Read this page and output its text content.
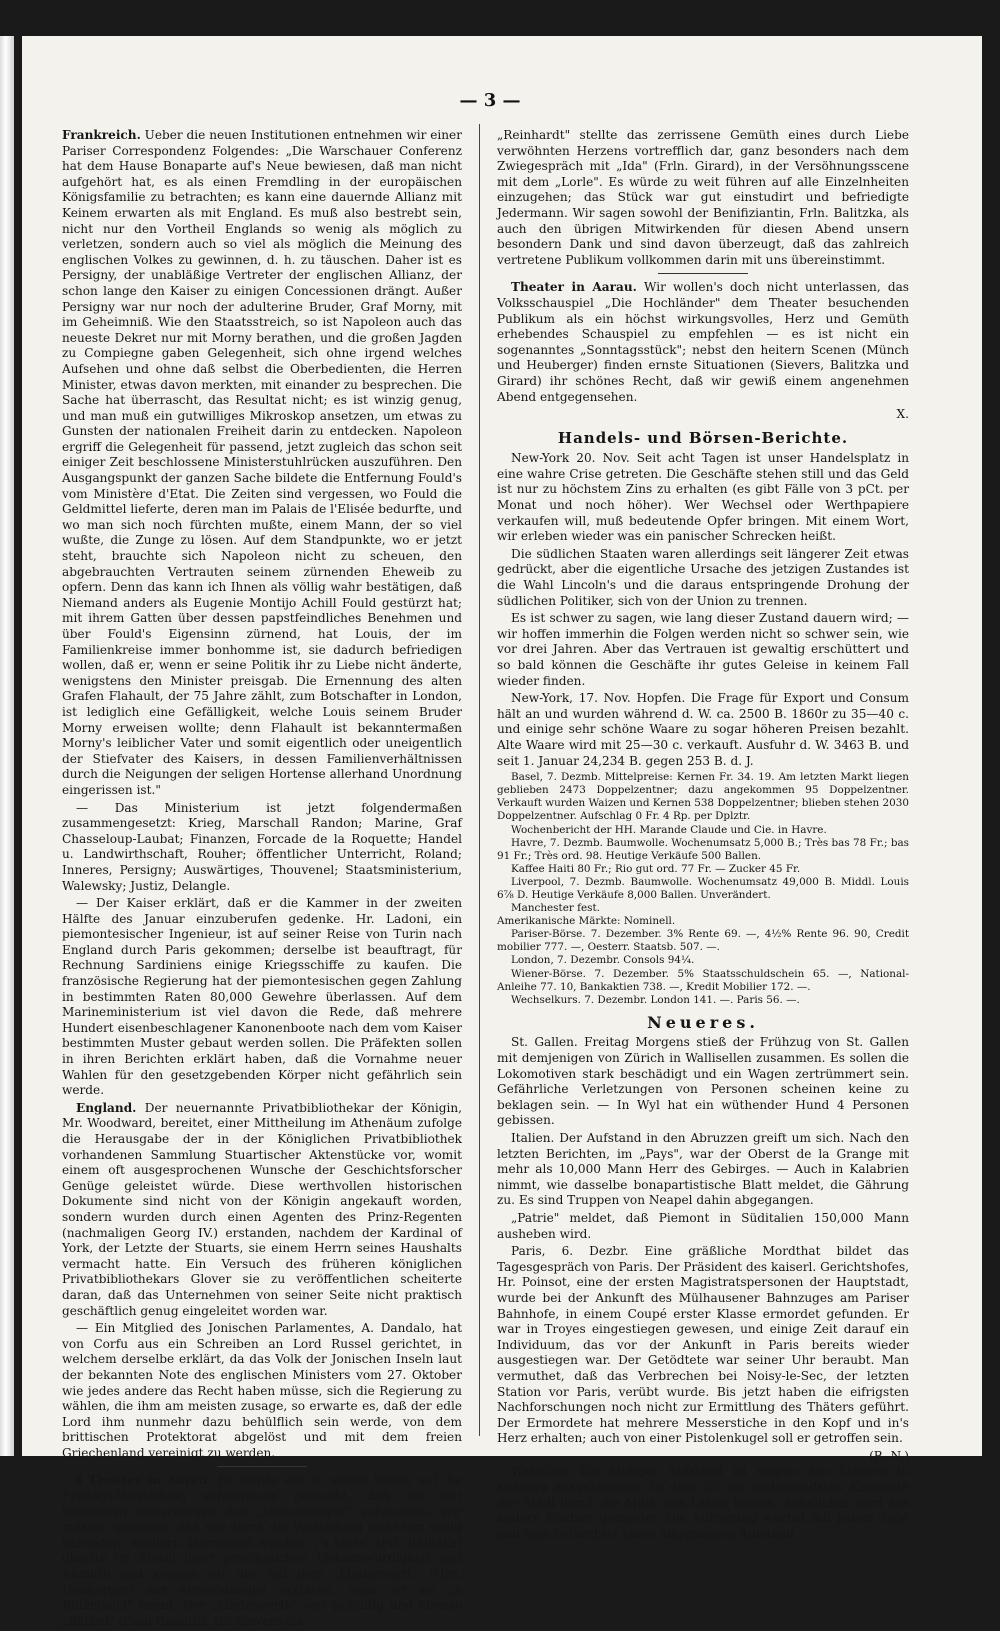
— 3 —

Frankreich. Ueber die neuen Institutionen entnehmen wir einer Pariser Correspondenz Folgendes: „Die Warschauer Conferenz hat dem Hause Bonaparte auf's Neue bewiesen, daß man nicht aufgehört hat, es als einen Fremdling in der europäischen Königsfamilie zu betrachten; es kann eine dauernde Allianz mit Keinem erwarten als mit England. Es muß also bestrebt sein, nicht nur den Vortheil Englands so wenig als möglich zu verletzen, sondern auch so viel als möglich die Meinung des englischen Volkes zu gewinnen, d. h. zu täuschen. Daher ist es Persigny, der unabläßige Vertreter der englischen Allianz, der schon lange den Kaiser zu einigen Concessionen drängt. Außer Persigny war nur noch der adulterine Bruder, Graf Morny, mit im Geheimniß. Wie den Staatsstreich, so ist Napoleon auch das neueste Dekret nur mit Morny berathen, und die großen Jagden zu Compiegne gaben Gelegenheit, sich ohne irgend welches Aufsehen und ohne daß selbst die Oberbedienten, die Herren Minister, etwas davon merkten, mit einander zu besprechen. Die Sache hat überrascht, das Resultat nicht; es ist winzig genug, und man muß ein gutwilliges Mikroskop ansetzen, um etwas zu Gunsten der nationalen Freiheit darin zu entdecken. Napoleon ergriff die Gelegenheit für passend, jetzt zugleich das schon seit einiger Zeit beschlossene Ministerstuhlrücken auszuführen. Den Ausgangspunkt der ganzen Sache bildete die Entfernung Fould's vom Ministère d'Etat. Die Zeiten sind vergessen, wo Fould die Geldmittel lieferte, deren man im Palais de l'Elisée bedurfte, und wo man sich noch fürchten mußte, einem Mann, der so viel wußte, die Zunge zu lösen. Auf dem Standpunkte, wo er jetzt steht, brauchte sich Napoleon nicht zu scheuen, den abgebrauchten Vertrauten seinem zürnenden Eheweib zu opfern. Denn das kann ich Ihnen als völlig wahr bestätigen, daß Niemand anders als Eugenie Montijo Achill Fould gestürzt hat; mit ihrem Gatten über dessen papstfeindliches Benehmen und über Fould's Eigensinn zürnend, hat Louis, der im Familienkreise immer bonhomme ist, sie dadurch befriedigen wollen, daß er, wenn er seine Politik ihr zu Liebe nicht änderte, wenigstens den Minister preisgab. Die Ernennung des alten Grafen Flahault, der 75 Jahre zählt, zum Botschafter in London, ist lediglich eine Gefälligkeit, welche Louis seinem Bruder Morny erweisen wollte; denn Flahault ist bekanntermaßen Morny's leiblicher Vater und somit eigentlich oder uneigentlich der Stiefvater des Kaisers, in dessen Familienverhältnissen durch die Neigungen der seligen Hortense allerhand Unordnung eingerissen ist."

— Das Ministerium ist jetzt folgendermaßen zusammengesetzt: Krieg, Marschall Randon; Marine, Graf Chasseloup-Laubat; Finanzen, Forcade de la Roquette; Handel u. Landwirthschaft, Rouher; öffentlicher Unterricht, Roland; Inneres, Persigny; Auswärtiges, Thouvenel; Staatsministerium, Walewsky; Justiz, Delangle.

— Der Kaiser erklärt, daß er die Kammer in der zweiten Hälfte des Januar einzuberufen gedenke. Hr. Ladoni, ein piemontesischer Ingenieur, ist auf seiner Reise von Turin nach England durch Paris gekommen; derselbe ist beauftragt, für Rechnung Sardiniens einige Kriegsschiffe zu kaufen. Die französische Regierung hat der piemontesischen gegen Zahlung in bestimmten Raten 80,000 Gewehre überlassen. Auf dem Marineministerium ist viel davon die Rede, daß mehrere Hundert eisenbeschlagener Kanonenboote nach dem vom Kaiser bestimmten Muster gebaut werden sollen. Die Präfekten sollen in ihren Berichten erklärt haben, daß die Vornahme neuer Wahlen für den gesetzgebenden Körper nicht gefährlich sein werde.

England. Der neuernannte Privatbibliothekar der Königin, Mr. Woodward, bereitet, einer Mittheilung im Athenäum zufolge die Herausgabe der in der Königlichen Privatbibliothek vorhandenen Sammlung Stuartischer Aktenstücke vor, womit einem oft ausgesprochenen Wunsche der Geschichtsforscher Genüge geleistet würde. Diese werthvollen historischen Dokumente sind nicht von der Königin angekauft worden, sondern wurden durch einen Agenten des Prinz-Regenten (nachmaligen Georg IV.) erstanden, nachdem der Kardinal of York, der Letzte der Stuarts, sie einem Herrn seines Haushalts vermacht hatte. Ein Versuch des früheren königlichen Privatbibliothekars Glover sie zu veröffentlichen scheiterte daran, daß das Unternehmen von seiner Seite nicht praktisch geschäftlich genug eingeleitet worden war.

— Ein Mitglied des Jonischen Parlamentes, A. Dandalo, hat von Corfu aus ein Schreiben an Lord Russel gerichtet, in welchem derselbe erklärt, da das Volk der Jonischen Inseln laut der bekannten Note des englischen Ministers vom 27. Oktober wie jedes andere das Recht haben müsse, sich die Regierung zu wählen, die ihm am meisten zusage, so erwarte es, daß der edle Lord ihm nunmehr dazu behülflich sein werde, von dem brittischen Protektorat abgelöst und mit dem freien Griechenland vereinigt zu werden.

§ Theater in Aarau. Es wurde von so vielen Seiten auf die Freitags-Vorstellung aufmerksam gemacht, daß wir mit besondern Erwartungen den „Musentempel" aufsuchten. Wir müssen gestehen, daß wir durch die Vorstellung nicht nur völlig befriedigt, sondern überrascht wurden. „'s Lorle" (Frl. Balitzka) glänzte im Strahl ihrer gewöhnlichen Liebenswürdigkeit und Anmuth und können wir uns mit dem „Lindenwirth" (Hrn. Heuberger) nur einverstanden erklären, wenn er sie „a Blitzmädel" nennt. Der „Lindenwirth" war prächtig und ebenso „Bärbel" (Frau Gnauth). Hr. Sievers als

„Reinhardt" stellte das zerrissene Gemüth eines durch Liebe verwöhnten Herzens vortrefflich dar, ganz besonders nach dem Zwiegespräch mit „Ida" (Frln. Girard), in der Versöhnungsscene mit dem „Lorle". Es würde zu weit führen auf alle Einzelnheiten einzugehen; das Stück war gut einstudirt und befriedigte Jedermann. Wir sagen sowohl der Benifiziantin, Frln. Balitzka, als auch den übrigen Mitwirkenden für diesen Abend unsern besondern Dank und sind davon überzeugt, daß das zahlreich vertretene Publikum vollkommen darin mit uns übereinstimmt.

Theater in Aarau. Wir wollen's doch nicht unterlassen, das Volksschauspiel „Die Hochländer" dem Theater besuchenden Publikum als ein höchst wirkungsvolles, Herz und Gemüth erhebendes Schauspiel zu empfehlen — es ist nicht ein sogenanntes „Sonntagsstück"; nebst den heitern Scenen (Münch und Heuberger) finden ernste Situationen (Sievers, Balitzka und Girard) ihr schönes Recht, daß wir gewiß einem angenehmen Abend entgegensehen.

X.
Handels- und Börsen-Berichte.

New-York 20. Nov. Seit acht Tagen ist unser Handelsplatz in eine wahre Crise getreten. Die Geschäfte stehen still und das Geld ist nur zu höchstem Zins zu erhalten (es gibt Fälle von 3 pCt. per Monat und noch höher). Wer Wechsel oder Werthpapiere verkaufen will, muß bedeutende Opfer bringen. Mit einem Wort, wir erleben wieder was ein panischer Schrecken heißt.

Die südlichen Staaten waren allerdings seit längerer Zeit etwas gedrückt, aber die eigentliche Ursache des jetzigen Zustandes ist die Wahl Lincoln's und die daraus entspringende Drohung der südlichen Politiker, sich von der Union zu trennen.

Es ist schwer zu sagen, wie lang dieser Zustand dauern wird; — wir hoffen immerhin die Folgen werden nicht so schwer sein, wie vor drei Jahren. Aber das Vertrauen ist gewaltig erschüttert und so bald können die Geschäfte ihr gutes Geleise in keinem Fall wieder finden.

New-York, 17. Nov. Hopfen. Die Frage für Export und Consum hält an und wurden während d. W. ca. 2500 B. 1860r zu 35—40 c. und einige sehr schöne Waare zu sogar höheren Preisen bezahlt. Alte Waare wird mit 25—30 c. verkauft. Ausfuhr d. W. 3463 B. und seit 1. Januar 24,234 B. gegen 253 B. d. J.

Basel, 7. Dezmb. Mittelpreise: Kernen Fr. 34. 19. Am letzten Markt liegen geblieben 2473 Doppelzentner; dazu angekommen 95 Doppelzentner. Verkauft wurden Waizen und Kernen 538 Doppelzentner; blieben stehen 2030 Doppelzentner. Aufschlag 0 Fr. 4 Rp. per Dplztr.

Wochenbericht der HH. Marande Claude und Cie. in Havre.

Havre, 7. Dezmb. Baumwolle. Wochenumsatz 5,000 B.; Très bas 78 Fr.; bas 91 Fr.; Très ord. 98. Heutige Verkäufe 500 Ballen.

Kaffee Haiti 80 Fr.; Rio gut ord. 77 Fr. — Zucker 45 Fr.

Liverpool, 7. Dezmb. Baumwolle. Wochenumsatz 49,000 B. Middl. Louis 6⅞ D. Heutige Verkäufe 8,000 Ballen. Unverändert.

Manchester fest.

Amerikanische Märkte: Nominell.

Pariser-Börse. 7. Dezember. 3% Rente 69. —, 4½% Rente 96. 90, Credit mobilier 777. —, Oesterr. Staatsb. 507. —.

London, 7. Dezembr. Consols 94¼.

Wiener-Börse. 7. Dezember. 5% Staatsschuldschein 65. —, National-Anleihe 77. 10, Bankaktien 738. —, Kredit Mobilier 172. —.

Wechselkurs. 7. Dezembr. London 141. —. Paris 56. —.

Neueres.

St. Gallen. Freitag Morgens stieß der Frühzug von St. Gallen mit demjenigen von Zürich in Wallisellen zusammen. Es sollen die Lokomotiven stark beschädigt und ein Wagen zertrümmert sein. Gefährliche Verletzungen von Personen scheinen keine zu beklagen sein. — In Wyl hat ein wüthender Hund 4 Personen gebissen.

Italien. Der Aufstand in den Abruzzen greift um sich. Nach den letzten Berichten, im „Pays", war der Oberst de la Grange mit mehr als 10,000 Mann Herr des Gebirges. — Auch in Kalabrien nimmt, wie dasselbe bonapartistische Blatt meldet, die Gährung zu. Es sind Truppen von Neapel dahin abgegangen.

„Patrie" meldet, daß Piemont in Süditalien 150,000 Mann ausheben wird.

Paris, 6. Dezbr. Eine gräßliche Mordthat bildet das Tagesgespräch von Paris. Der Präsident des kaiserl. Gerichtshofes, Hr. Poinsot, eine der ersten Magistratspersonen der Hauptstadt, wurde bei der Ankunft des Mülhausener Bahnzuges am Pariser Bahnhofe, in einem Coupé erster Klasse ermordet gefunden. Er war in Troyes eingestiegen gewesen, und einige Zeit darauf ein Individuum, das vor der Ankunft in Paris bereits wieder ausgestiegen war. Der Getödtete war seiner Uhr beraubt. Man vermuthet, daß das Verbrechen bei Noisy-le-Sec, der letzten Station vor Paris, verübt wurde. Bis jetzt haben die eifrigsten Nachforschungen noch nicht zur Ermittlung des Thäters geführt. Der Ermordete hat mehrere Messerstiche in den Kopf und in's Herz erhalten; auch von einer Pistolenkugel soll er getroffen sein.

(B.-N.)

Walachei. Ein blutiger Aufstand ist wegen den Steuern in Krajowa ausgebrochen, in dem 20 der bedeutendsten Kaufleute der Stadt durch die Miliz ums Leben kamen. Aehnliches wird aus andern Städten gemeldet. Die Aufregung wächst mit jedem Tage und man befürchtet einen allgemeinen Aufstand.
